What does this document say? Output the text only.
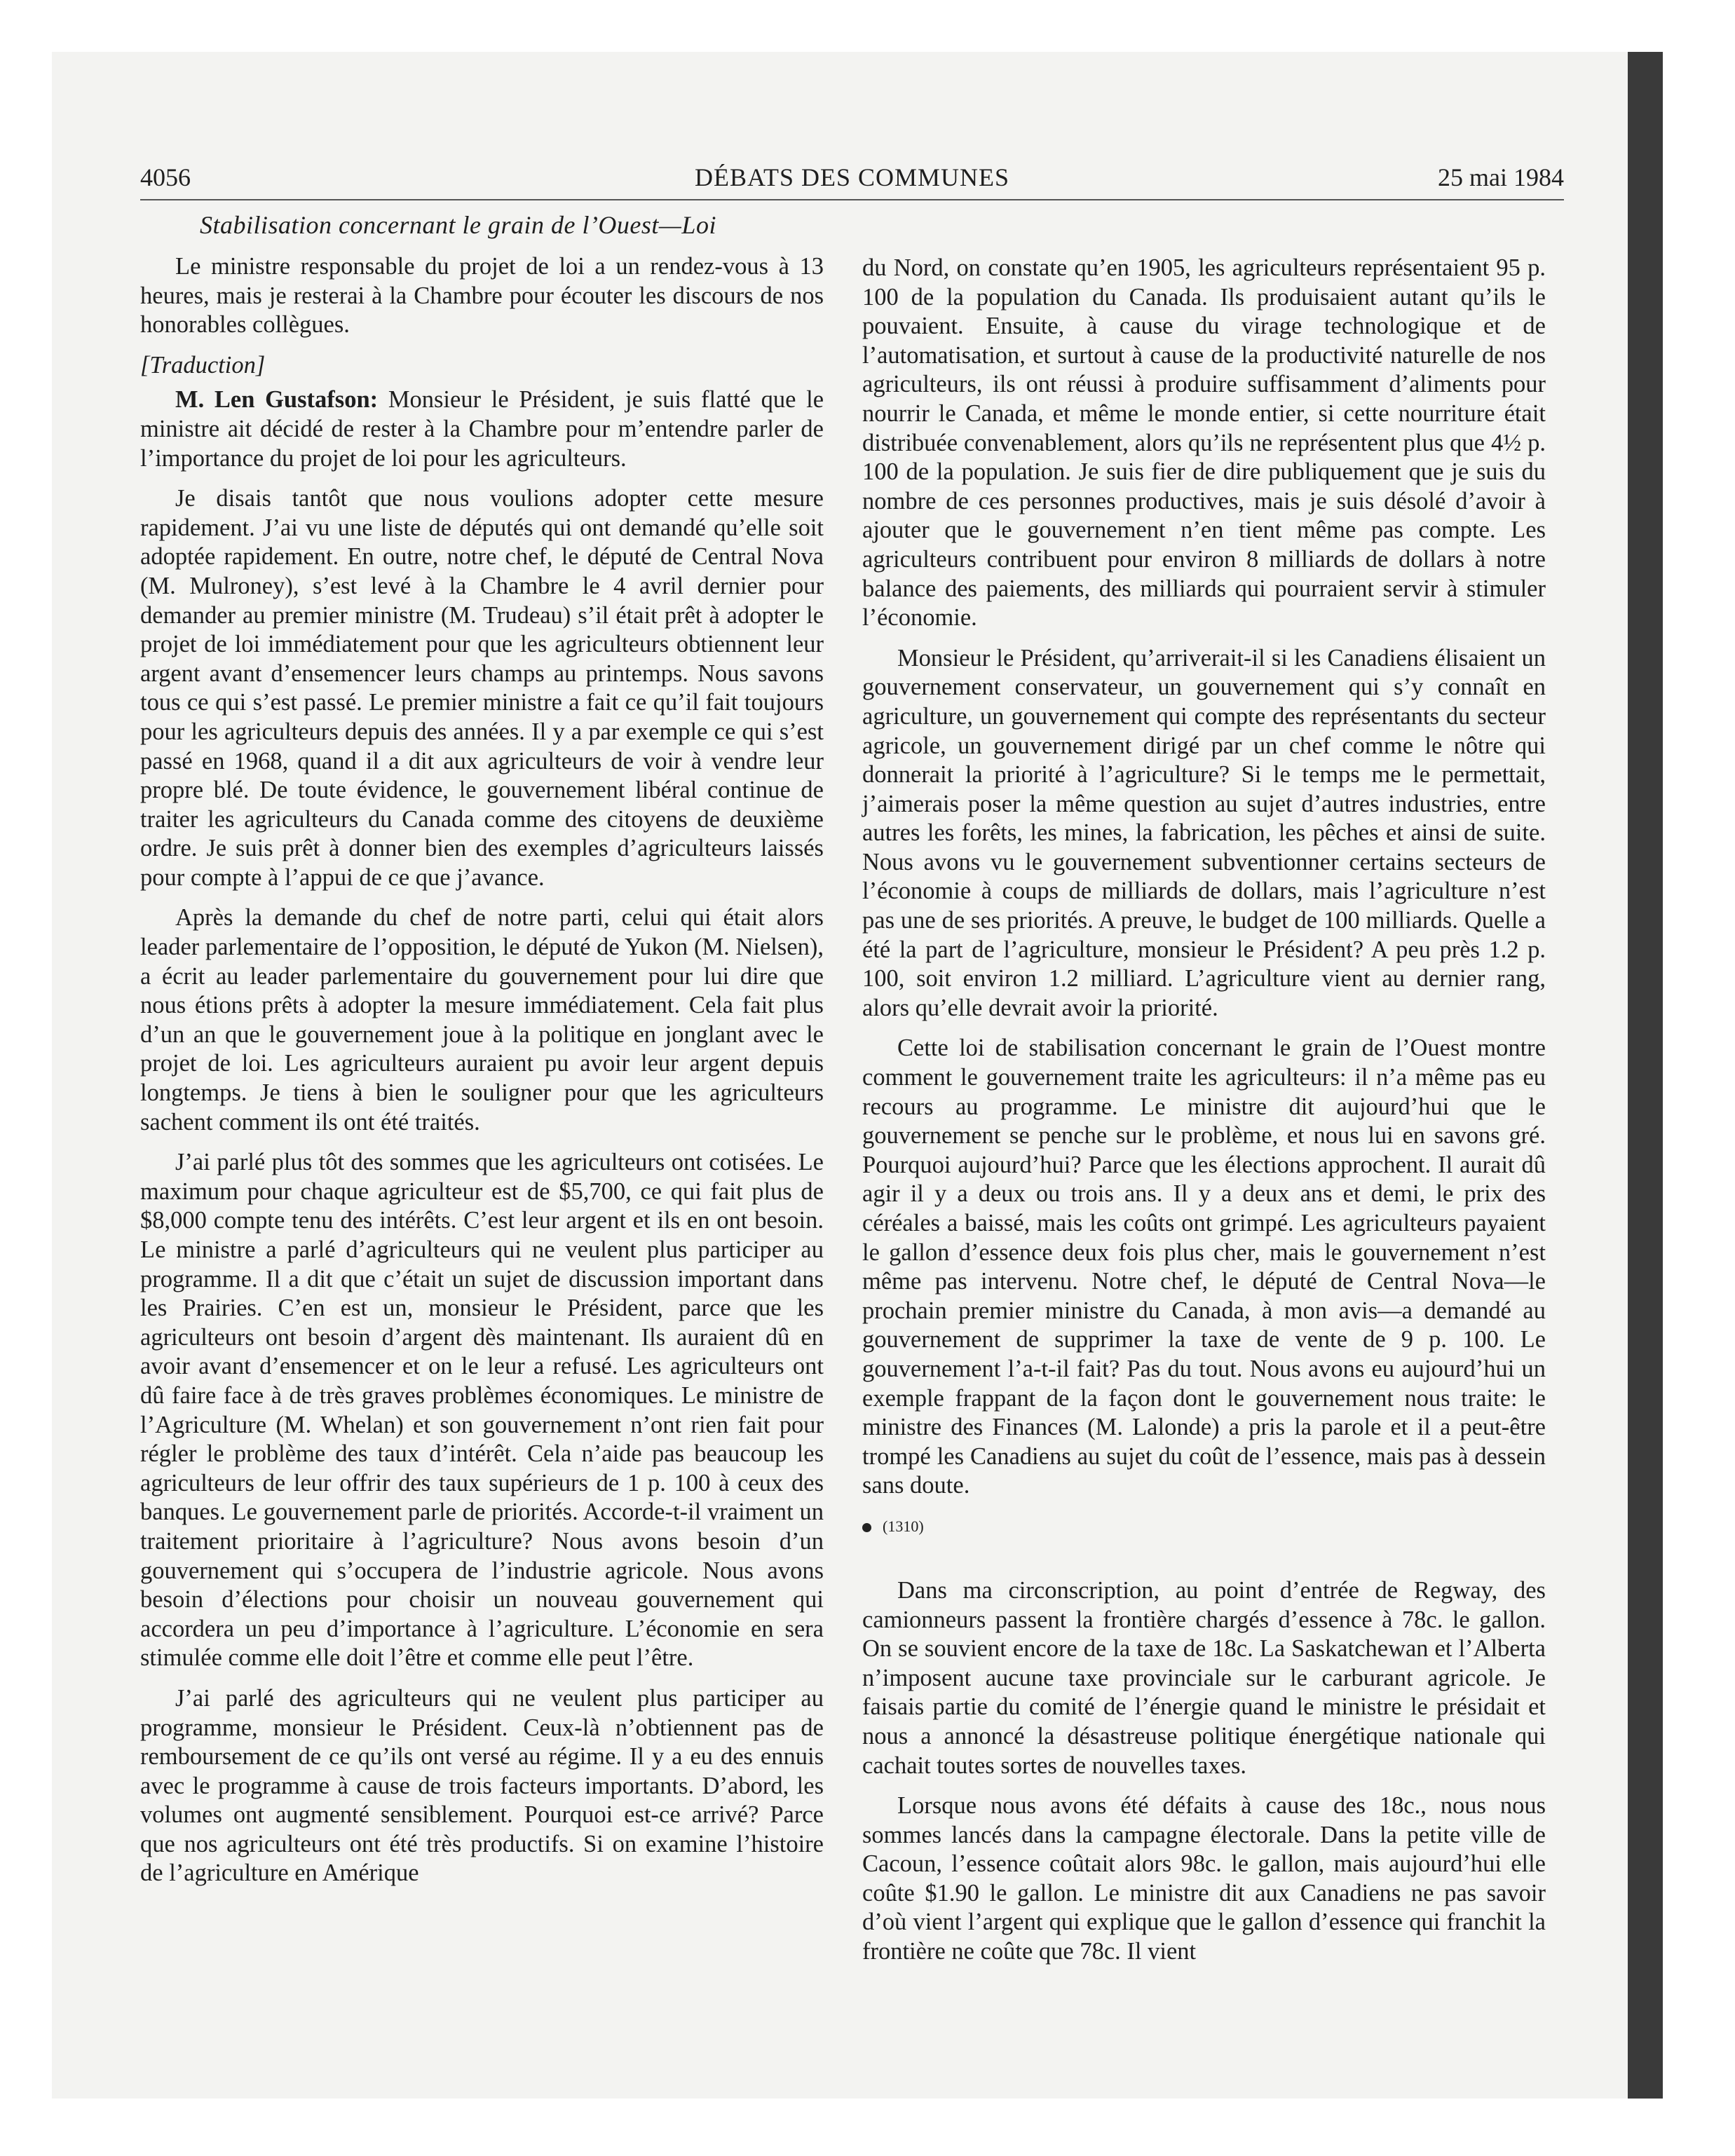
DÉBATS DES COMMUNES
4056	25 mai 1984
Stabilisation concernant le grain de l’Ouest—Loi

Le ministre responsable du projet de loi a un rendez-vous à 13 heures, mais je resterai à la Chambre pour écouter les discours de nos honorables collègues.

[Traduction]

M. Len Gustafson: Monsieur le Président, je suis flatté que le ministre ait décidé de rester à la Chambre pour m’entendre parler de l’importance du projet de loi pour les agriculteurs.

Je disais tantôt que nous voulions adopter cette mesure rapidement. J’ai vu une liste de députés qui ont demandé qu’elle soit adoptée rapidement. En outre, notre chef, le député de Central Nova (M. Mulroney), s’est levé à la Chambre le 4 avril dernier pour demander au premier ministre (M. Trudeau) s’il était prêt à adopter le projet de loi immédiatement pour que les agriculteurs obtiennent leur argent avant d’ensemencer leurs champs au printemps. Nous savons tous ce qui s’est passé. Le premier ministre a fait ce qu’il fait toujours pour les agriculteurs depuis des années. Il y a par exemple ce qui s’est passé en 1968, quand il a dit aux agriculteurs de voir à vendre leur propre blé. De toute évidence, le gouvernement libéral continue de traiter les agriculteurs du Canada comme des citoyens de deuxième ordre. Je suis prêt à donner bien des exemples d’agriculteurs laissés pour compte à l’appui de ce que j’avance.

Après la demande du chef de notre parti, celui qui était alors leader parlementaire de l’opposition, le député de Yukon (M. Nielsen), a écrit au leader parlementaire du gouvernement pour lui dire que nous étions prêts à adopter la mesure immédiatement. Cela fait plus d’un an que le gouvernement joue à la politique en jonglant avec le projet de loi. Les agriculteurs auraient pu avoir leur argent depuis longtemps. Je tiens à bien le souligner pour que les agriculteurs sachent comment ils ont été traités.

J’ai parlé plus tôt des sommes que les agriculteurs ont cotisées. Le maximum pour chaque agriculteur est de $5,700, ce qui fait plus de $8,000 compte tenu des intérêts. C’est leur argent et ils en ont besoin. Le ministre a parlé d’agriculteurs qui ne veulent plus participer au programme. Il a dit que c’était un sujet de discussion important dans les Prairies. C’en est un, monsieur le Président, parce que les agriculteurs ont besoin d’argent dès maintenant. Ils auraient dû en avoir avant d’ensemencer et on le leur a refusé. Les agriculteurs ont dû faire face à de très graves problèmes économiques. Le ministre de l’Agriculture (M. Whelan) et son gouvernement n’ont rien fait pour régler le problème des taux d’intérêt. Cela n’aide pas beaucoup les agriculteurs de leur offrir des taux supérieurs de 1 p. 100 à ceux des banques. Le gouvernement parle de priorités. Accorde-t-il vraiment un traitement prioritaire à l’agriculture? Nous avons besoin d’un gouvernement qui s’occupera de l’industrie agricole. Nous avons besoin d’élections pour choisir un nouveau gouvernement qui accordera un peu d’importance à l’agriculture. L’économie en sera stimulée comme elle doit l’être et comme elle peut l’être.

J’ai parlé des agriculteurs qui ne veulent plus participer au programme, monsieur le Président. Ceux-là n’obtiennent pas de remboursement de ce qu’ils ont versé au régime. Il y a eu des ennuis avec le programme à cause de trois facteurs importants. D’abord, les volumes ont augmenté sensiblement. Pourquoi est-ce arrivé? Parce que nos agriculteurs ont été très productifs. Si on examine l’histoire de l’agriculture en Amérique

du Nord, on constate qu’en 1905, les agriculteurs représentaient 95 p. 100 de la population du Canada. Ils produisaient autant qu’ils le pouvaient. Ensuite, à cause du virage technologique et de l’automatisation, et surtout à cause de la productivité naturelle de nos agriculteurs, ils ont réussi à produire suffisamment d’aliments pour nourrir le Canada, et même le monde entier, si cette nourriture était distribuée convenablement, alors qu’ils ne représentent plus que 4½ p. 100 de la population. Je suis fier de dire publiquement que je suis du nombre de ces personnes productives, mais je suis désolé d’avoir à ajouter que le gouvernement n’en tient même pas compte. Les agriculteurs contribuent pour environ 8 milliards de dollars à notre balance des paiements, des milliards qui pourraient servir à stimuler l’économie.

Monsieur le Président, qu’arriverait-il si les Canadiens élisaient un gouvernement conservateur, un gouvernement qui s’y connaît en agriculture, un gouvernement qui compte des représentants du secteur agricole, un gouvernement dirigé par un chef comme le nôtre qui donnerait la priorité à l’agriculture? Si le temps me le permettait, j’aimerais poser la même question au sujet d’autres industries, entre autres les forêts, les mines, la fabrication, les pêches et ainsi de suite. Nous avons vu le gouvernement subventionner certains secteurs de l’économie à coups de milliards de dollars, mais l’agriculture n’est pas une de ses priorités. A preuve, le budget de 100 milliards. Quelle a été la part de l’agriculture, monsieur le Président? A peu près 1.2 p. 100, soit environ 1.2 milliard. L’agriculture vient au dernier rang, alors qu’elle devrait avoir la priorité.

Cette loi de stabilisation concernant le grain de l’Ouest montre comment le gouvernement traite les agriculteurs: il n’a même pas eu recours au programme. Le ministre dit aujourd’hui que le gouvernement se penche sur le problème, et nous lui en savons gré. Pourquoi aujourd’hui? Parce que les élections approchent. Il aurait dû agir il y a deux ou trois ans. Il y a deux ans et demi, le prix des céréales a baissé, mais les coûts ont grimpé. Les agriculteurs payaient le gallon d’essence deux fois plus cher, mais le gouvernement n’est même pas intervenu. Notre chef, le député de Central Nova—le prochain premier ministre du Canada, à mon avis—a demandé au gouvernement de supprimer la taxe de vente de 9 p. 100. Le gouvernement l’a-t-il fait? Pas du tout. Nous avons eu aujourd’hui un exemple frappant de la façon dont le gouvernement nous traite: le ministre des Finances (M. Lalonde) a pris la parole et il a peut-être trompé les Canadiens au sujet du coût de l’essence, mais pas à dessein sans doute.

(1310)

Dans ma circonscription, au point d’entrée de Regway, des camionneurs passent la frontière chargés d’essence à 78c. le gallon. On se souvient encore de la taxe de 18c. La Saskatchewan et l’Alberta n’imposent aucune taxe provinciale sur le carburant agricole. Je faisais partie du comité de l’énergie quand le ministre le présidait et nous a annoncé la désastreuse politique énergétique nationale qui cachait toutes sortes de nouvelles taxes.

Lorsque nous avons été défaits à cause des 18c., nous nous sommes lancés dans la campagne électorale. Dans la petite ville de Cacoun, l’essence coûtait alors 98c. le gallon, mais aujourd’hui elle coûte $1.90 le gallon. Le ministre dit aux Canadiens ne pas savoir d’où vient l’argent qui explique que le gallon d’essence qui franchit la frontière ne coûte que 78c. Il vient
